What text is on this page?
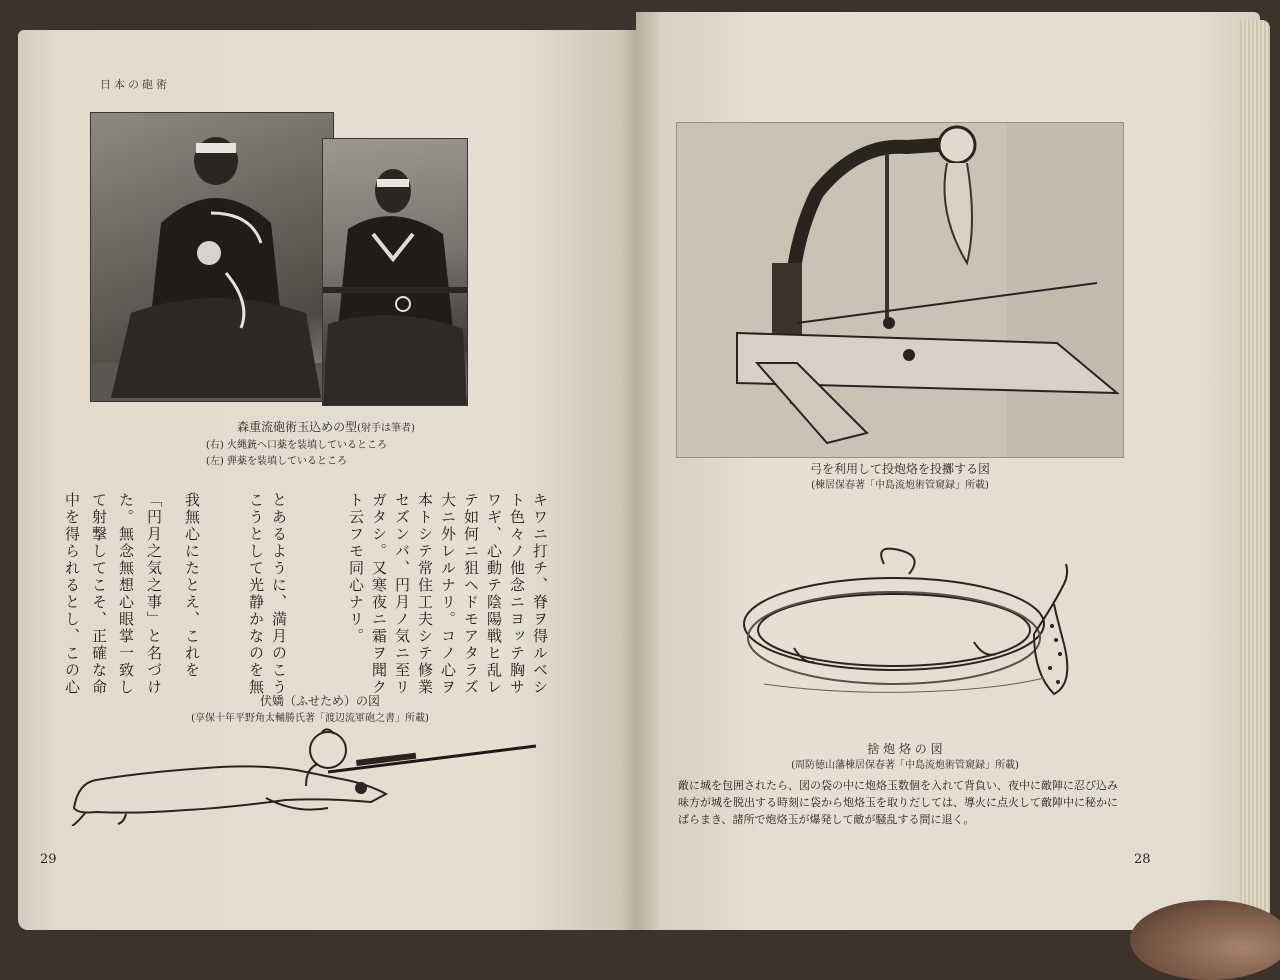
日本の砲術
森重流砲術玉込めの型(射手は筆者)
(右) 火縄銃へ口薬を装填しているところ
(左) 弾薬を装填しているところ
キワニ打チ、脊ヲ得ルベシ
ト色々ノ他念ニヨッテ胸サ
ワギ、心動テ陰陽戦ヒ乱レ
テ如何ニ狙ヘドモアタラズ
大ニ外レルナリ。コノ心ヲ
本トシテ常住工夫シテ修業
セズンバ、円月ノ気ニ至リ
ガタシ。又寒夜ニ霜ヲ聞ク
ト云フモ同心ナリ。
とあるように、満月のこう
こうとして光静かなのを無
我無心にたとえ、これを
「円月之気之事」と名づけ
た。無念無想心眼掌一致し
て射撃してこそ、正確な命
中を得られるとし、この心
伏嬌（ふせため）の図
(享保十年平野角太輔勝氏著「渡辺流軍砲之書」所載)
29
弓を利用して投炮烙を投擲する図
(棟居保春著「中島流炮術管窺録」所載)
捨 炮 烙 の 図
(周防徳山藩棟居保春著「中島流炮術管窺録」所載)
敵に城を包囲されたら、図の袋の中に炮烙玉数個を入れて背負い、夜中に敵陣に忍び込み
味方が城を脱出する時刻に袋から炮烙玉を取りだしては、導火に点火して敵陣中に秘かに
ばらまき、諸所で炮烙玉が爆発して敵が騒乱する間に退く。
28
